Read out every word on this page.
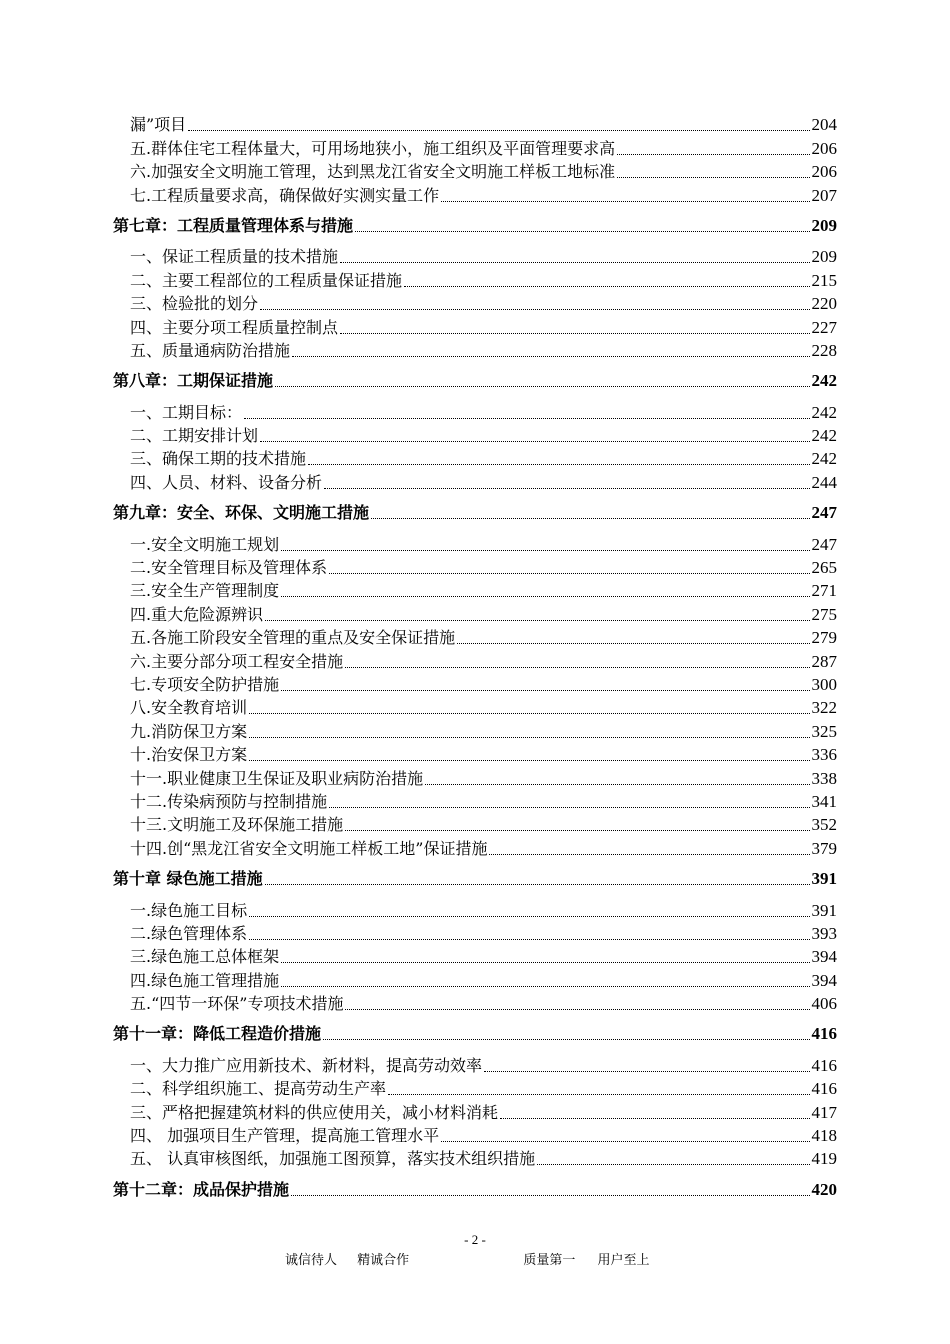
漏”项目	204
五.群体住宅工程体量大，可用场地狭小，施工组织及平面管理要求高	206
六.加强安全文明施工管理，达到黑龙江省安全文明施工样板工地标准	206
七.工程质量要求高，确保做好实测实量工作	207
第七章：工程质量管理体系与措施	209
一、保证工程质量的技术措施	209
二、主要工程部位的工程质量保证措施	215
三、检验批的划分	220
四、主要分项工程质量控制点	227
五、质量通病防治措施	228
第八章：工期保证措施	242
一、工期目标：	242
二、工期安排计划	242
三、确保工期的技术措施	242
四、人员、材料、设备分析	244
第九章：安全、环保、文明施工措施	247
一.安全文明施工规划	247
二.安全管理目标及管理体系	265
三.安全生产管理制度	271
四.重大危险源辨识	275
五.各施工阶段安全管理的重点及安全保证措施	279
六.主要分部分项工程安全措施	287
七.专项安全防护措施	300
八.安全教育培训	322
九.消防保卫方案	325
十.治安保卫方案	336
十一.职业健康卫生保证及职业病防治措施	338
十二.传染病预防与控制措施	341
十三.文明施工及环保施工措施	352
十四.创“黑龙江省安全文明施工样板工地”保证措施	379
第十章 绿色施工措施	391
一.绿色施工目标	391
二.绿色管理体系	393
三.绿色施工总体框架	394
四.绿色施工管理措施	394
五.“四节一环保”专项技术措施	406
第十一章：降低工程造价措施	416
一、大力推广应用新技术、新材料，提高劳动效率	416
二、科学组织施工、提高劳动生产率	416
三、严格把握建筑材料的供应使用关，减小材料消耗	417
四、 加强项目生产管理，提高施工管理水平	418
五、 认真审核图纸，加强施工图预算，落实技术组织措施	419
第十二章：成品保护措施	420
- 2 -
诚信待人 精诚合作	质量第一 用户至上
